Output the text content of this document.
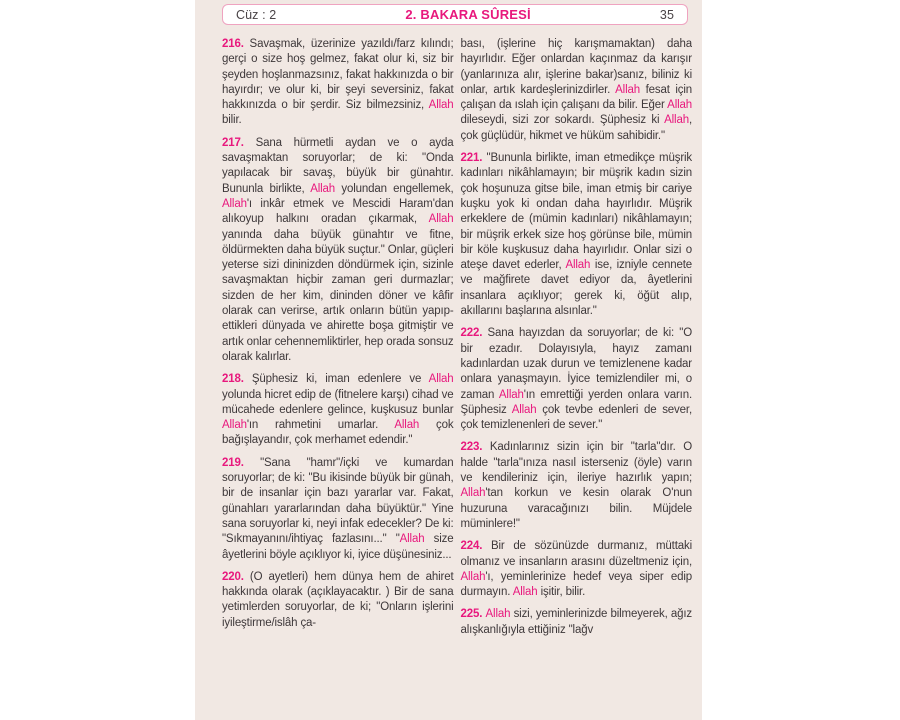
Cüz : 2	2. BAKARA SÛRESİ	35

216. Savaşmak, üzerinize yazıldı/farz kılındı; gerçi o size hoş gelmez, fakat olur ki, siz bir şeyden hoşlanmazsınız, fakat hakkınızda o bir hayırdır; ve olur ki, bir şeyi seversiniz, fakat hakkınızda o bir şerdir. Siz bilmezsiniz, Allah bilir.

217. Sana hürmetli aydan ve o ayda savaşmaktan soruyorlar; de ki: "Onda yapılacak bir savaş, büyük bir günahtır. Bununla birlikte, Allah yolundan engellemek, Allah'ı inkâr etmek ve Mescidi Haram'dan alıkoyup halkını oradan çıkarmak, Allah yanında daha büyük günahtır ve fitne, öldürmekten daha büyük suçtur." Onlar, güçleri yeterse sizi dininizden döndürmek için, sizinle savaşmaktan hiçbir zaman geri durmazlar; sizden de her kim, dininden döner ve kâfir olarak can verirse, artık onların bütün yapıp-ettikleri dünyada ve ahirette boşa gitmiştir ve artık onlar cehennemliktirler, hep orada sonsuz olarak kalırlar.

218. Şüphesiz ki, iman edenlere ve Allah yolunda hicret edip de (fitnelere karşı) cihad ve mücahede edenlere gelince, kuşkusuz bunlar Allah'ın rahmetini umarlar. Allah çok bağışlayandır, çok merhamet edendir."

219. "Sana "hamr"/içki ve kumardan soruyorlar; de ki: "Bu ikisinde büyük bir günah, bir de insanlar için bazı yararlar var. Fakat, günahları yararlarından daha büyüktür." Yine sana soruyorlar ki, neyi infak edecekler? De ki: "Sıkmayanını/ihtiyaç fazlasını..." "Allah size âyetlerini böyle açıklıyor ki, iyice düşünesiniz...

220. (O ayetleri) hem dünya hem de ahiret hakkında olarak (açıklayacaktır. ) Bir de sana yetimlerden soruyorlar, de ki; "Onların işlerini iyileştirme/islâh ça-

bası, (işlerine hiç karışmamaktan) daha hayırlıdır. Eğer onlardan kaçınmaz da karışır (yanlarınıza alır, işlerine bakar)sanız, biliniz ki onlar, artık kardeşlerinizdirler. Allah fesat için çalışan da ıslah için çalışanı da bilir. Eğer Allah dileseydi, sizi zor sokardı. Şüphesiz ki Allah, çok güçlüdür, hikmet ve hüküm sahibidir."

221. "Bununla birlikte, iman etmedikçe müşrik kadınları nikâhlamayın; bir müşrik kadın sizin çok hoşunuza gitse bile, iman etmiş bir cariye kuşku yok ki ondan daha hayırlıdır. Müşrik erkeklere de (mümin kadınları) nikâhlamayın; bir müşrik erkek size hoş görünse bile, mümin bir köle kuşkusuz daha hayırlıdır. Onlar sizi o ateşe davet ederler, Allah ise, izniyle cennete ve mağfirete davet ediyor da, âyetlerini insanlara açıklıyor; gerek ki, öğüt alıp, akıllarını başlarına alsınlar."

222. Sana hayızdan da soruyorlar; de ki: "O bir ezadır. Dolayısıyla, hayız zamanı kadınlardan uzak durun ve temizlenene kadar onlara yanaşmayın. İyice temizlendiler mi, o zaman Allah'ın emrettiği yerden onlara varın. Şüphesiz Allah çok tevbe edenleri de sever, çok temizlenenleri de sever."

223. Kadınlarınız sizin için bir "tarla"dır. O halde "tarla"ınıza nasıl isterseniz (öyle) varın ve kendileriniz için, ileriye hazırlık yapın; Allah'tan korkun ve kesin olarak O'nun huzuruna varacağınızı bilin. Müjdele müminlere!"

224. Bir de sözünüzde durmanız, müttaki olmanız ve insanların arasını düzeltmeniz için, Allah'ı, yeminlerinize hedef veya siper edip durmayın. Allah işitir, bilir.

225. Allah sizi, yeminlerinizde bilmeyerek, ağız alışkanlığıyla ettiğiniz "lağv
